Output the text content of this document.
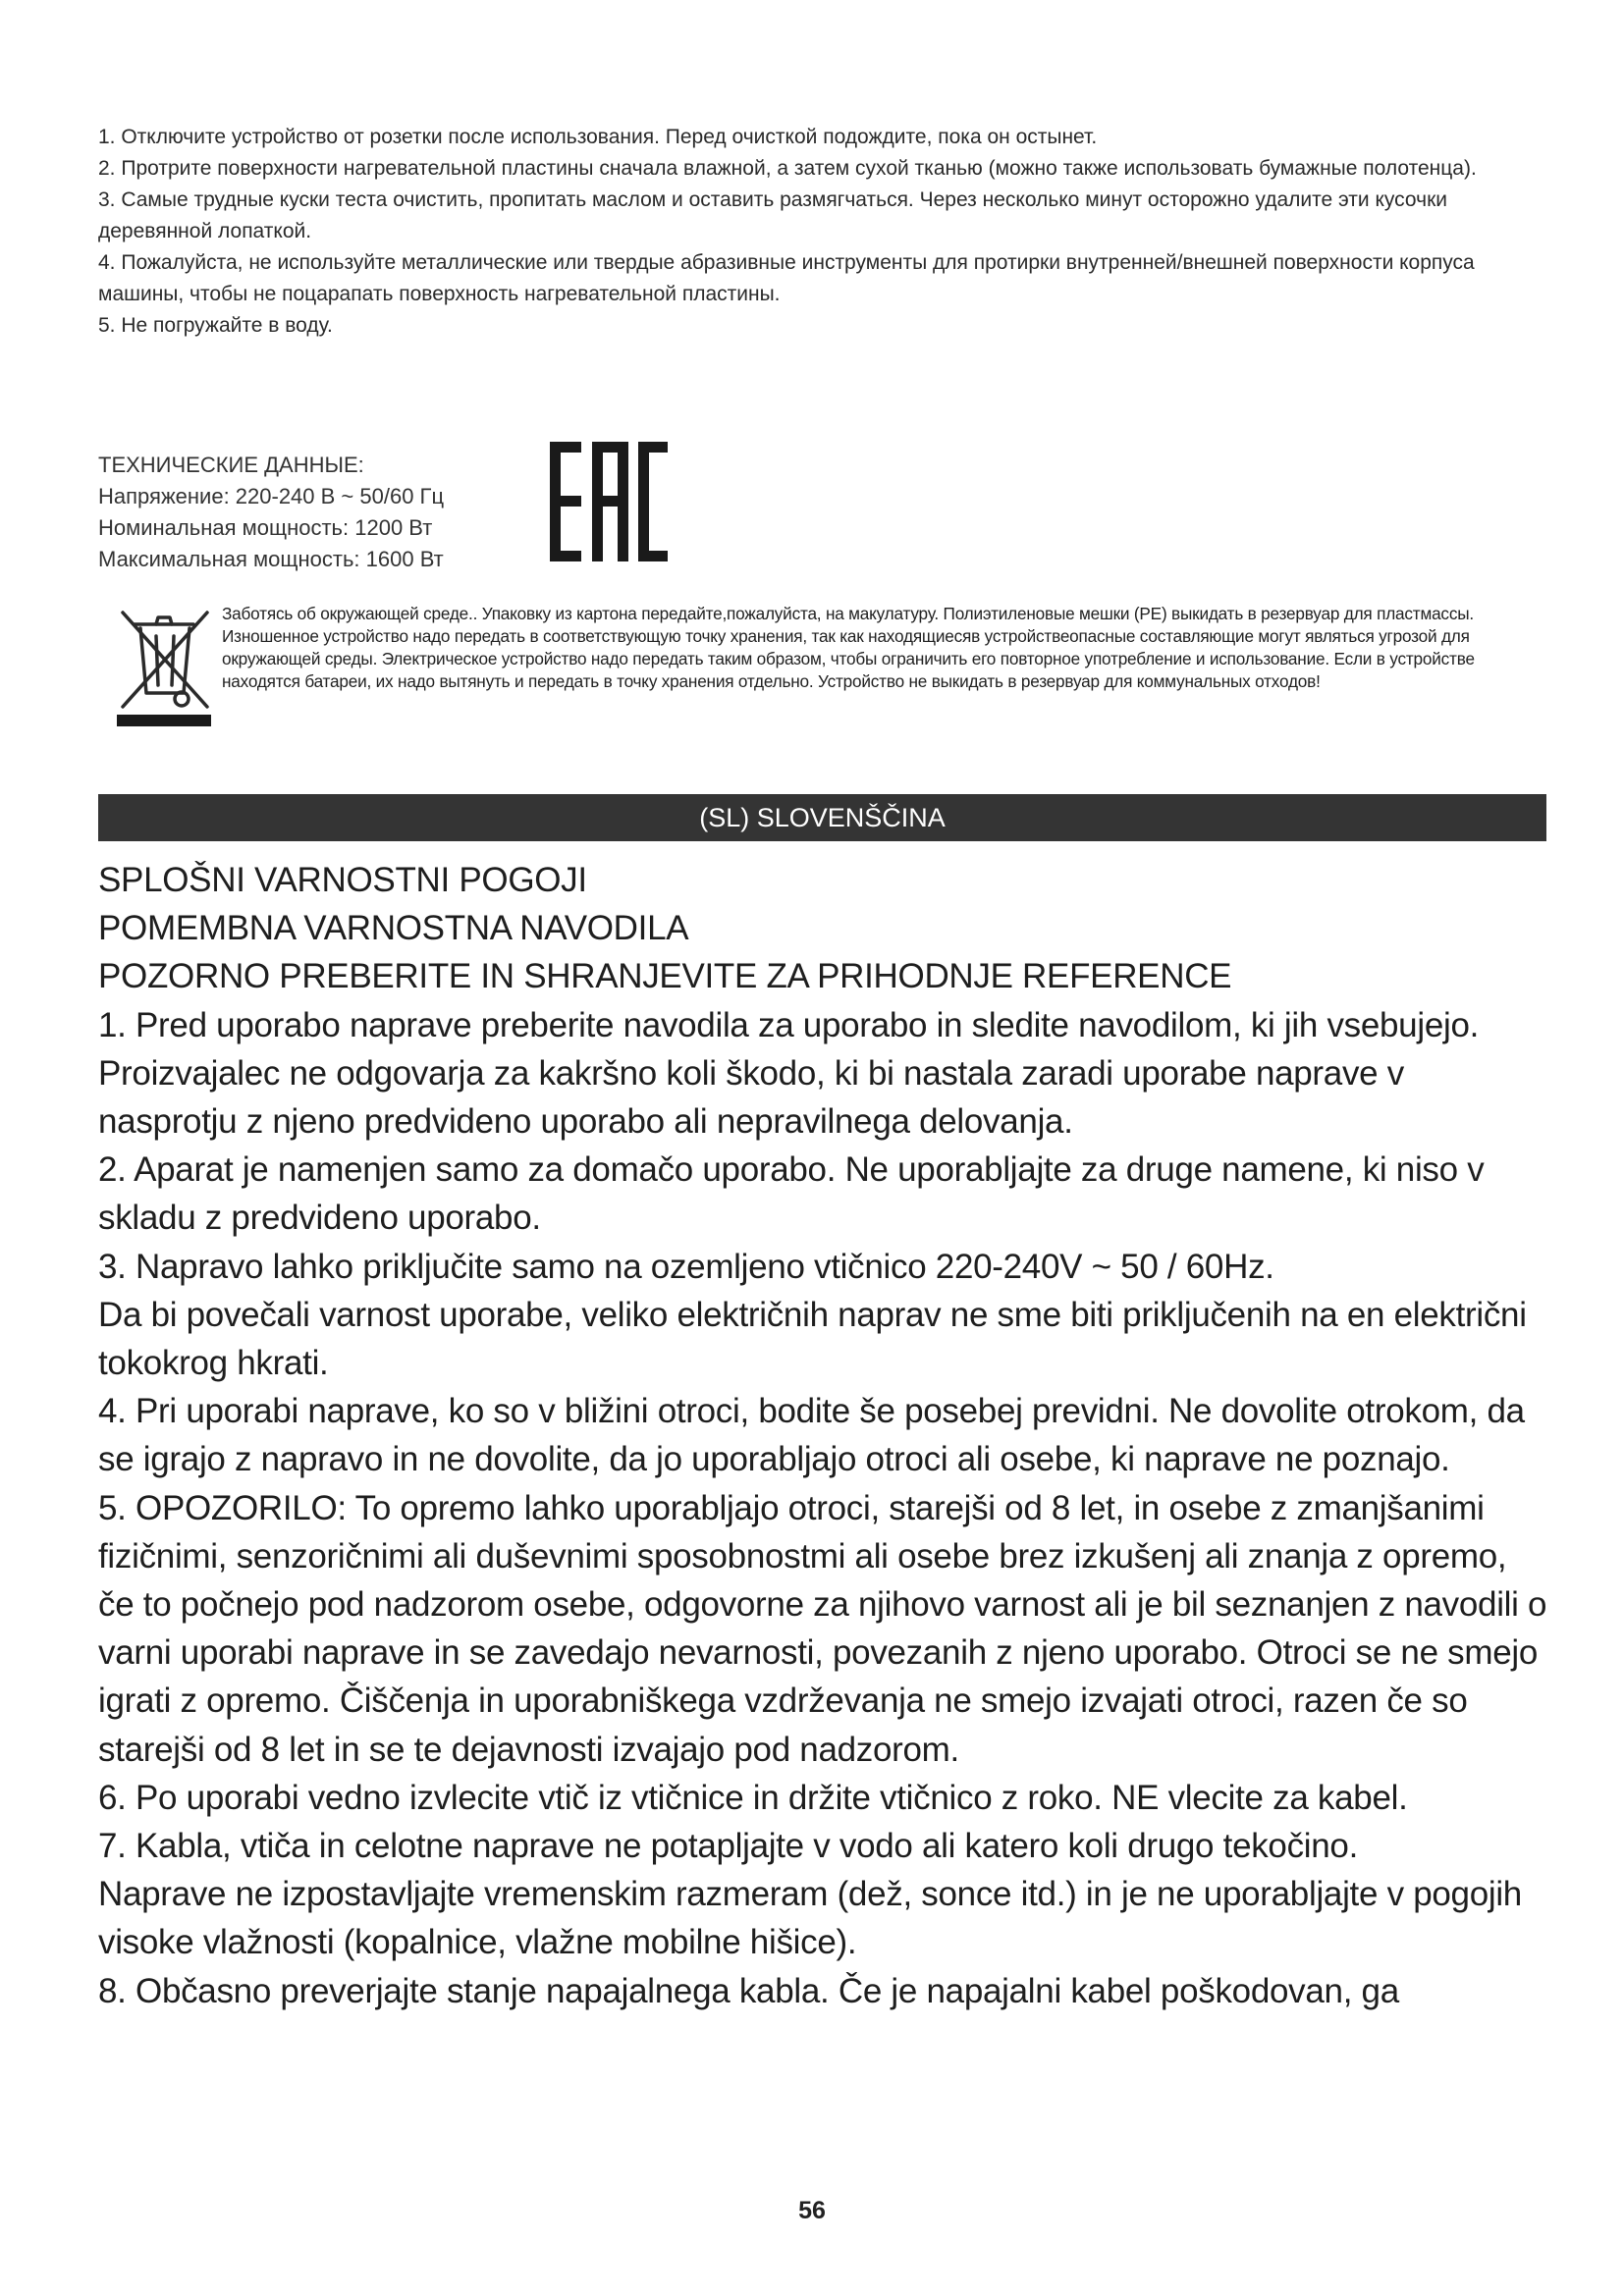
1. Отключите устройство от розетки после использования. Перед очисткой подождите, пока он остынет.

2. Протрите поверхности нагревательной пластины сначала влажной, а затем сухой тканью (можно также использовать бумажные полотенца).

3. Самые трудные куски теста очистить, пропитать маслом и оставить размягчаться. Через несколько минут осторожно удалите эти кусочки деревянной лопаткой.

4. Пожалуйста, не используйте металлические или твердые абразивные инструменты для протирки внутренней/внешней поверхности корпуса машины, чтобы не поцарапать поверхность нагревательной пластины.

5. Не погружайте в воду.

ТЕХНИЧЕСКИЕ ДАННЫЕ:

Напряжение: 220-240 В ~ 50/60 Гц

Номинальная мощность: 1200 Вт

Максимальная мощность: 1600 Вт

Заботясь об окружающей среде.. Упаковку из картона передайте,пожалуйста, на макулатуру. Полиэтиленовые мешки (PE) выкидать в резервуар для пластмассы. Изношенное устройство надо передать в соответствующую точку хранения, так как находящиесяв устройствеопасные составляющие могут являться угрозой для окружающей среды. Электрическое устройство надо передать таким образом, чтобы ограничить его повторное употребление и использование. Если в устройстве находятся батареи, их надо вытянуть и передать в точку хранения отдельно. Устройство не выкидать в резервуар для коммунальных отходов!

(SL) SLOVENŠČINA

SPLOŠNI VARNOSTNI POGOJI

POMEMBNA VARNOSTNA NAVODILA

POZORNO PREBERITE IN SHRANJEVITE ZA PRIHODNJE REFERENCE

1. Pred uporabo naprave preberite navodila za uporabo in sledite navodilom, ki jih vsebujejo. Proizvajalec ne odgovarja za kakršno koli škodo, ki bi nastala zaradi uporabe naprave v nasprotju z njeno predvideno uporabo ali nepravilnega delovanja.

2. Aparat je namenjen samo za domačo uporabo. Ne uporabljajte za druge namene, ki niso v skladu z predvideno uporabo.

3. Napravo lahko priključite samo na ozemljeno vtičnico 220-240V ~ 50 / 60Hz.

Da bi povečali varnost uporabe, veliko električnih naprav ne sme biti priključenih na en električni tokokrog hkrati.

4. Pri uporabi naprave, ko so v bližini otroci, bodite še posebej previdni. Ne dovolite otrokom, da se igrajo z napravo in ne dovolite, da jo uporabljajo otroci ali osebe, ki naprave ne poznajo.

5. OPOZORILO: To opremo lahko uporabljajo otroci, starejši od 8 let, in osebe z zmanjšanimi fizičnimi, senzoričnimi ali duševnimi sposobnostmi ali osebe brez izkušenj ali znanja z opremo, če to počnejo pod nadzorom osebe, odgovorne za njihovo varnost ali je bil seznanjen z navodili o varni uporabi naprave in se zavedajo nevarnosti, povezanih z njeno uporabo. Otroci se ne smejo igrati z opremo. Čiščenja in uporabniškega vzdrževanja ne smejo izvajati otroci, razen če so starejši od 8 let in se te dejavnosti izvajajo pod nadzorom.

6. Po uporabi vedno izvlecite vtič iz vtičnice in držite vtičnico z roko. NE vlecite za kabel.

7. Kabla, vtiča in celotne naprave ne potapljajte v vodo ali katero koli drugo tekočino.

Naprave ne izpostavljajte vremenskim razmeram (dež, sonce itd.) in je ne uporabljajte v pogojih visoke vlažnosti (kopalnice, vlažne mobilne hišice).

8. Občasno preverjajte stanje napajalnega kabla. Če je napajalni kabel poškodovan, ga

56
